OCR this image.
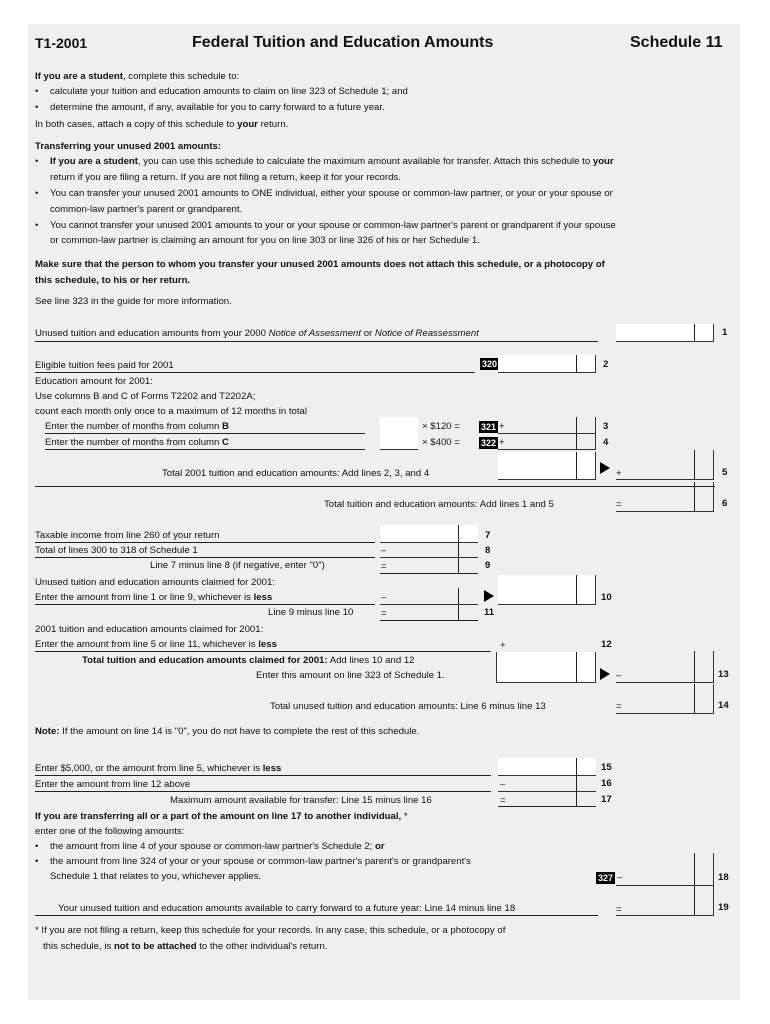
T1-2001	Federal Tuition and Education Amounts	Schedule 11
If you are a student, complete this schedule to:
• calculate your tuition and education amounts to claim on line 323 of Schedule 1; and
• determine the amount, if any, available for you to carry forward to a future year.
In both cases, attach a copy of this schedule to your return.
Transferring your unused 2001 amounts:
• If you are a student, you can use this schedule to calculate the maximum amount available for transfer. Attach this schedule to your
return if you are filing a return. If you are not filing a return, keep it for your records.
• You can transfer your unused 2001 amounts to ONE individual, either your spouse or common-law partner, or your or your spouse or
common-law partner's parent or grandparent.
• You cannot transfer your unused 2001 amounts to your or your spouse or common-law partner's parent or grandparent if your spouse
or common-law partner is claiming an amount for you on line 303 or line 326 of his or her Schedule 1.
Make sure that the person to whom you transfer your unused 2001 amounts does not attach this schedule, or a photocopy of
this schedule, to his or her return.
See line 323 in the guide for more information.
Unused tuition and education amounts from your 2000 Notice of Assessment or Notice of Reassessment	1
Eligible tuition fees paid for 2001	320	2
Education amount for 2001:
Use columns B and C of Forms T2202 and T2202A;
count each month only once to a maximum of 12 months in total
Enter the number of months from column B	× $120 = 321 +	3
Enter the number of months from column C	× $400 = 322 +	4
Total 2001 tuition and education amounts: Add lines 2, 3, and 4	+	5
Total tuition and education amounts: Add lines 1 and 5	=	6
Taxable income from line 260 of your return	7
Total of lines 300 to 318 of Schedule 1	–	8
Line 7 minus line 8 (if negative, enter "0")	=	9
Unused tuition and education amounts claimed for 2001:
Enter the amount from line 1 or line 9, whichever is less	–	10
Line 9 minus line 10	=	11
2001 tuition and education amounts claimed for 2001:
Enter the amount from line 5 or line 11, whichever is less	+	12
Total tuition and education amounts claimed for 2001: Add lines 10 and 12
Enter this amount on line 323 of Schedule 1.	–	13
Total unused tuition and education amounts: Line 6 minus line 13	=	14
Note: If the amount on line 14 is "0", you do not have to complete the rest of this schedule.
Enter $5,000, or the amount from line 5, whichever is less	15
Enter the amount from line 12 above	–	16
Maximum amount available for transfer: Line 15 minus line 16	=	17
If you are transferring all or a part of the amount on line 17 to another individual, *
enter one of the following amounts:
• the amount from line 4 of your spouse or common-law partner's Schedule 2; or
• the amount from line 324 of your or your spouse or common-law partner's parent's or grandparent's
Schedule 1 that relates to you, whichever applies.	327 –	18
Your unused tuition and education amounts available to carry forward to a future year: Line 14 minus line 18	=	19
* If you are not filing a return, keep this schedule for your records. In any case, this schedule, or a photocopy of
this schedule, is not to be attached to the other individual's return.
